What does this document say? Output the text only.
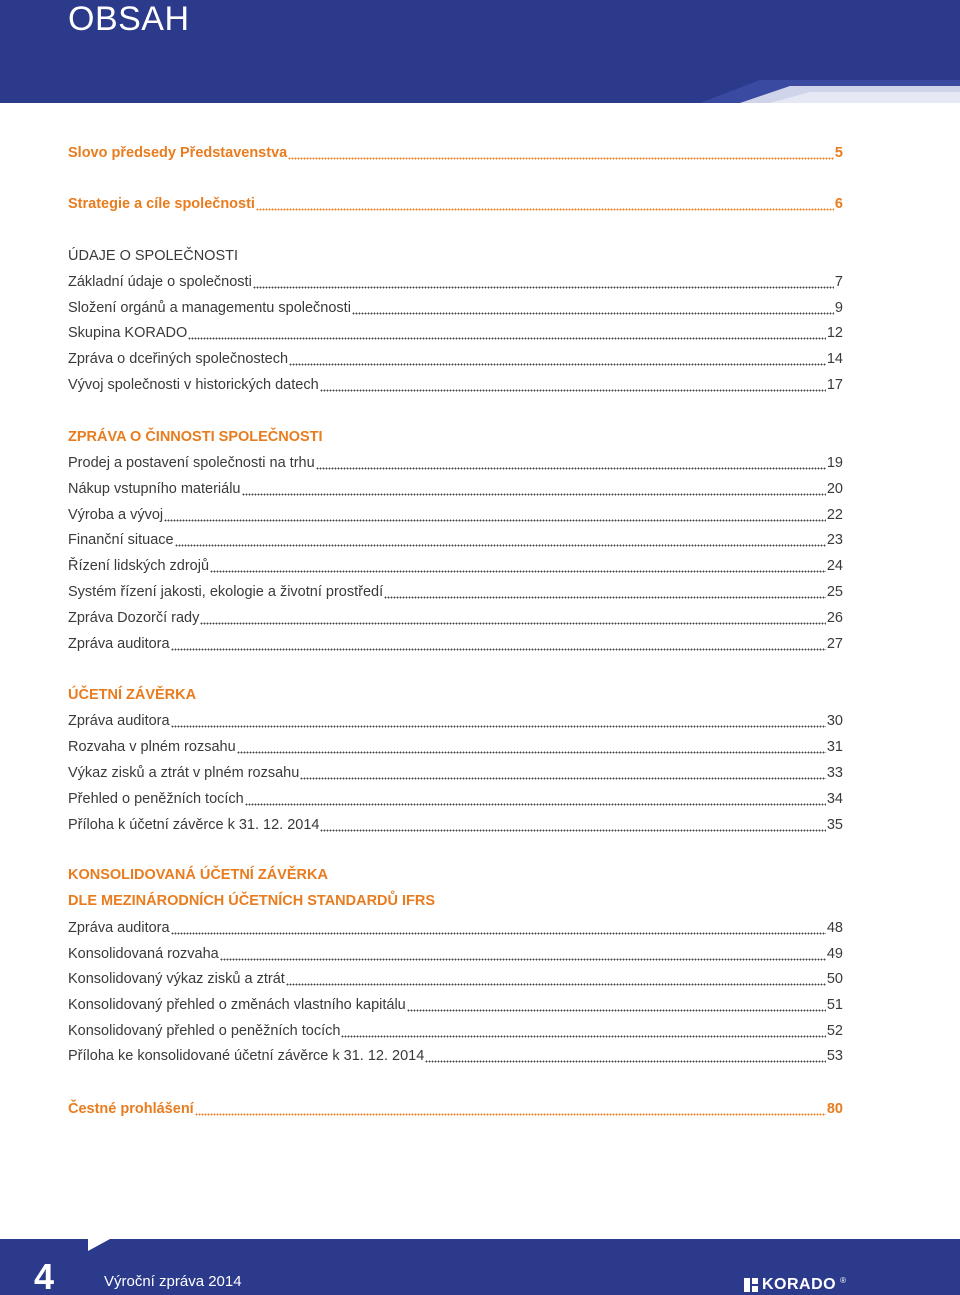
OBSAH
Slovo předsedy Představenstva	5
Strategie a cíle společnosti	6
ÚDAJE O SPOLEČNOSTI
Základní údaje o společnosti	7
Složení orgánů a managementu společnosti	9
Skupina KORADO	12
Zpráva o dceřiných společnostech	14
Vývoj společnosti v historických datech	17
ZPRÁVA O ČINNOSTI SPOLEČNOSTI
Prodej a postavení společnosti na trhu	19
Nákup vstupního materiálu	20
Výroba a vývoj	22
Finanční situace	23
Řízení lidských zdrojů	24
Systém řízení jakosti, ekologie a životní prostředí	25
Zpráva Dozorčí rady	26
Zpráva auditora	27
ÚČETNÍ ZÁVĚRKA
Zpráva auditora	30
Rozvaha v plném rozsahu	31
Výkaz zisků a ztrát v plném rozsahu	33
Přehled o peněžních tocích	34
Příloha k účetní závěrce k 31. 12. 2014	35
KONSOLIDOVANÁ ÚČETNÍ ZÁVĚRKA
DLE MEZINÁRODNÍCH ÚČETNÍCH STANDARDŮ IFRS
Zpráva auditora	48
Konsolidovaná rozvaha	49
Konsolidovaný výkaz zisků a ztrát	50
Konsolidovaný přehled o změnách vlastního kapitálu	51
Konsolidovaný přehled o peněžních tocích	52
Příloha ke konsolidované účetní závěrce k 31. 12. 2014	53
Čestné prohlášení	80
4	Výroční zpráva 2014	KORADO ®
